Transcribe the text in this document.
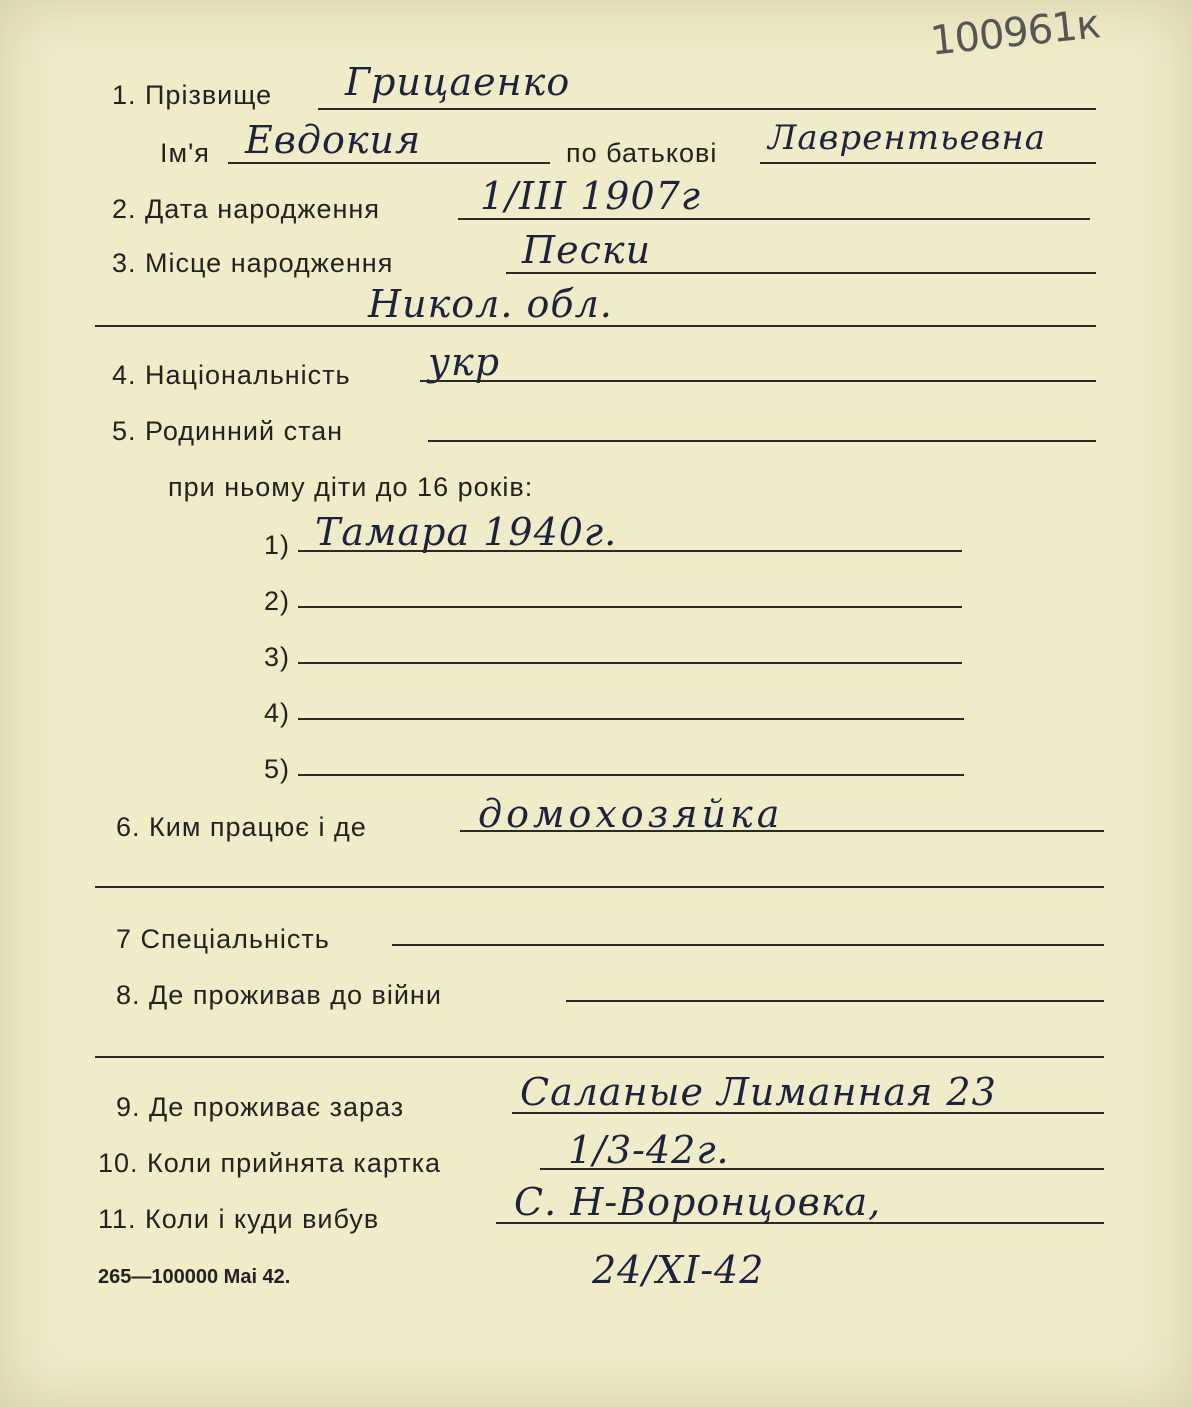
100961к
1. Прізвище Грицаенко
Ім'я Евдокия	по батькові Лаврентьевна
2. Дата народження	1/III 1907г
3. Місце народження	Пески
Никол. обл.
4. Національність укр
5. Родинний стан
при ньому діти до 16 років:
1) Тамара 1940г.
2)
3)
4)
5)
6. Ким працює і де	домохозяйка
7 Спеціальність
8. Де проживав до війни
9. Де проживає зараз	Саланые Лиманная 23
10. Коли прийнята картка	1/3-42г.
11. Коли і куди вибув	С. Н-Воронцовка,
24/XI-42
265—100000 Mai 42.
